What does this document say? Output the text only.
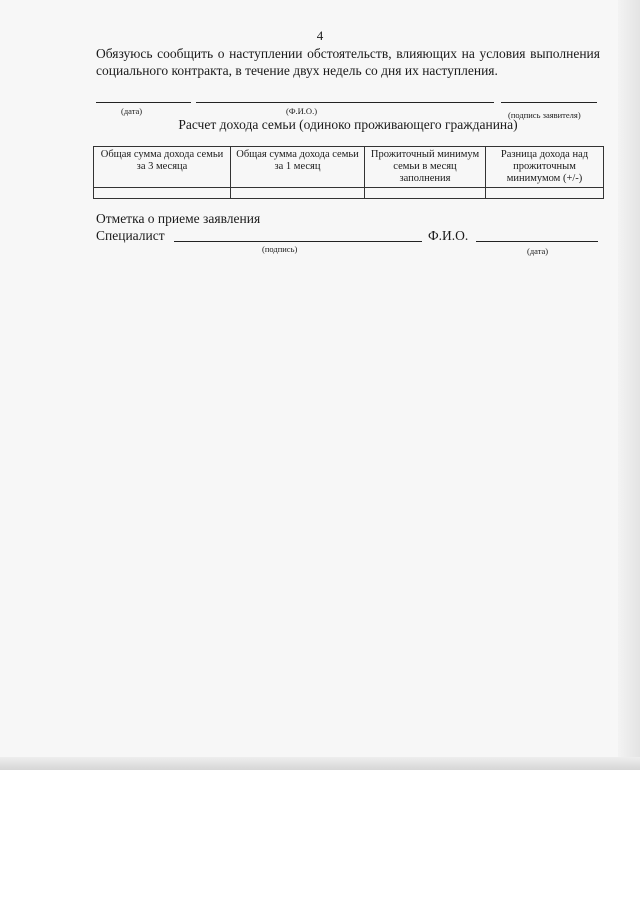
4
Обязуюсь сообщить о наступлении обстоятельств, влияющих на условия выполнения социального контракта, в течение двух недель со дня их наступления.
(дата)	(Ф.И.О.)	(подпись заявителя)
Расчет дохода семьи (одиноко проживающего гражданина)
Общая сумма дохода семьи за 3 месяца	Общая сумма дохода семьи за 1 месяц	Прожиточный минимум семьи в месяц заполнения	Разница дохода над прожиточным минимумом (+/-)

Отметка о приеме заявления
Специалист	Ф.И.О.
(подпись)	(дата)
